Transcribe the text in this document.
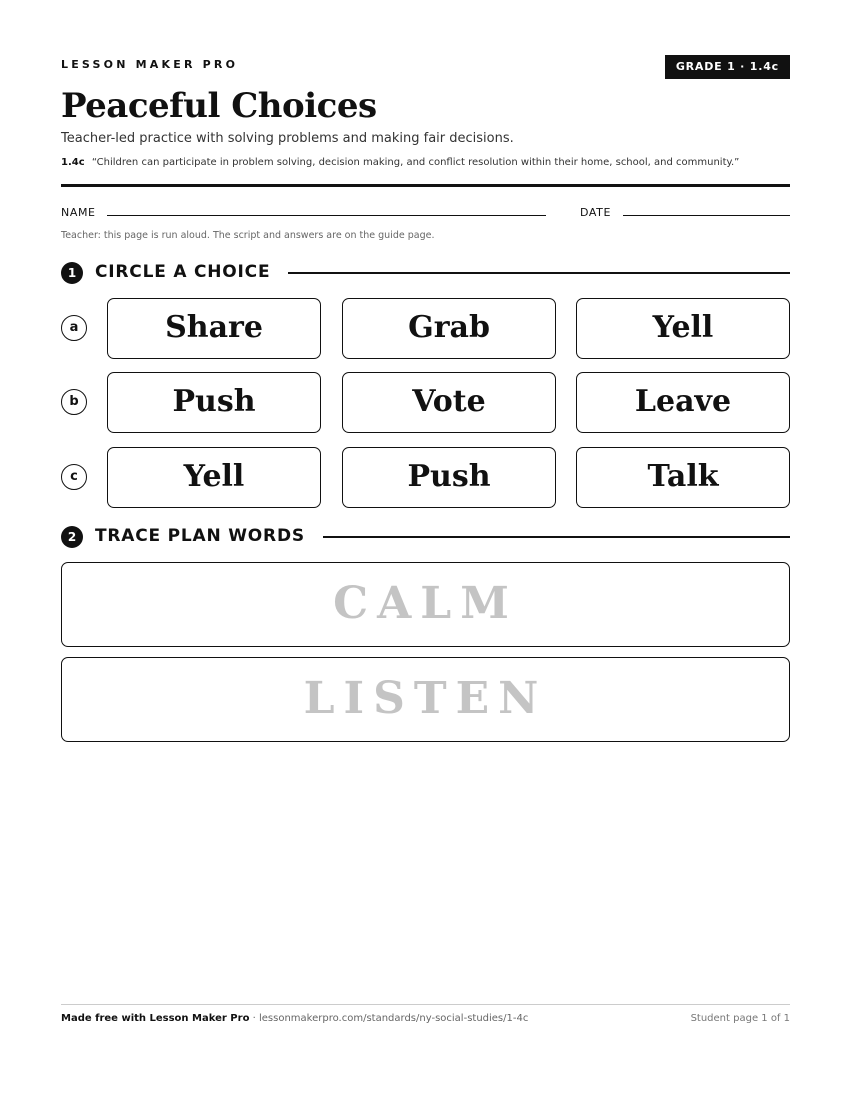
LESSON MAKER PRO	GRADE 1 · 1.4c
Peaceful Choices
Teacher-led practice with solving problems and making fair decisions.
1.4c “Children can participate in problem solving, decision making, and conflict resolution within their home, school, and community.”
NAME	DATE
Teacher: this page is run aloud. The script and answers are on the guide page.
1	CIRCLE A CHOICE
a	Share	Grab	Yell
b	Push	Vote	Leave
c	Yell	Push	Talk
2	TRACE PLAN WORDS
CALM
LISTEN
Made free with Lesson Maker Pro · lessonmakerpro.com/standards/ny-social-studies/1-4c	Student page 1 of 1
